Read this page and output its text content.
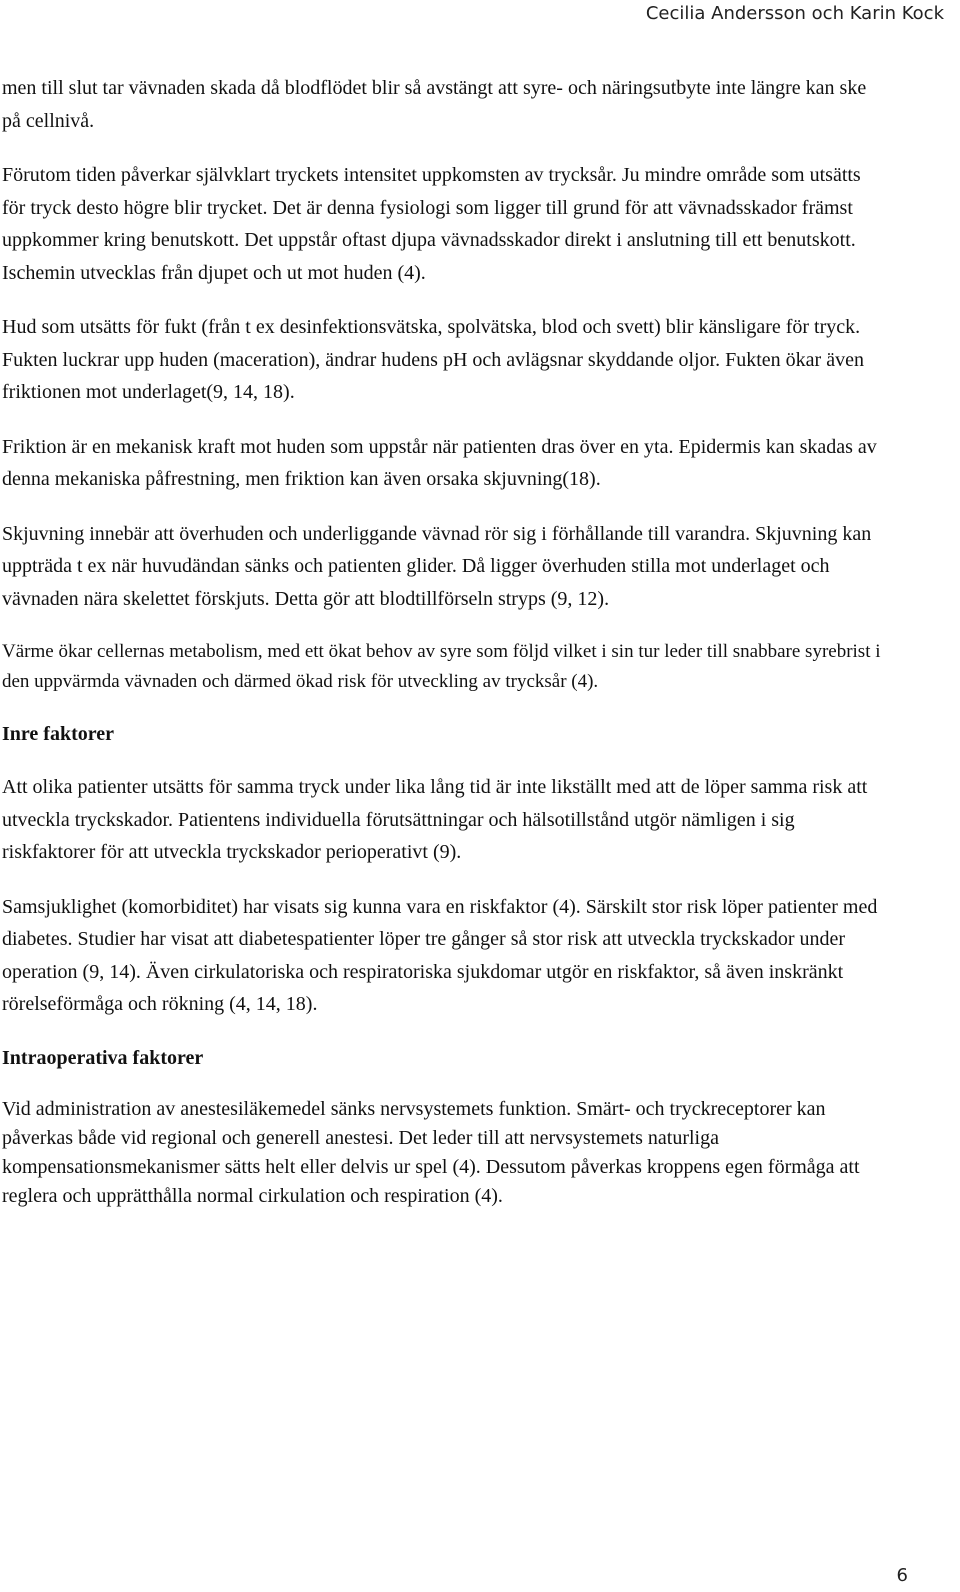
Cecilia Andersson och Karin Kock

men till slut tar vävnaden skada då blodflödet blir så avstängt att syre- och näringsutbyte inte längre kan ske på cellnivå.

Förutom tiden påverkar självklart tryckets intensitet uppkomsten av trycksår. Ju mindre område som utsätts för tryck desto högre blir trycket. Det är denna fysiologi som ligger till grund för att vävnadsskador främst uppkommer kring benutskott. Det uppstår oftast djupa vävnadsskador direkt i anslutning till ett benutskott. Ischemin utvecklas från djupet och ut mot huden (4).

Hud som utsätts för fukt (från t ex desinfektionsvätska, spolvätska, blod och svett) blir känsligare för tryck. Fukten luckrar upp huden (maceration), ändrar hudens pH och avlägsnar skyddande oljor. Fukten ökar även friktionen mot underlaget(9, 14, 18).

Friktion är en mekanisk kraft mot huden som uppstår när patienten dras över en yta. Epidermis kan skadas av denna mekaniska påfrestning, men friktion kan även orsaka skjuvning(18).

Skjuvning innebär att överhuden och underliggande vävnad rör sig i förhållande till varandra. Skjuvning kan uppträda t ex när huvudändan sänks och patienten glider. Då ligger överhuden stilla mot underlaget och vävnaden nära skelettet förskjuts. Detta gör att blodtillförseln stryps (9, 12).

Värme ökar cellernas metabolism, med ett ökat behov av syre som följd vilket i sin tur leder till snabbare syrebrist i den uppvärmda vävnaden och därmed ökad risk för utveckling av trycksår (4).

Inre faktorer

Att olika patienter utsätts för samma tryck under lika lång tid är inte likställt med att de löper samma risk att utveckla tryckskador. Patientens individuella förutsättningar och hälsotillstånd utgör nämligen i sig riskfaktorer för att utveckla tryckskador perioperativt (9).

Samsjuklighet (komorbiditet) har visats sig kunna vara en riskfaktor (4). Särskilt stor risk löper patienter med diabetes. Studier har visat att diabetespatienter löper tre gånger så stor risk att utveckla tryckskador under operation (9, 14). Även cirkulatoriska och respiratoriska sjukdomar utgör en riskfaktor, så även inskränkt rörelseförmåga och rökning (4, 14, 18).

Intraoperativa faktorer

Vid administration av anestesiläkemedel sänks nervsystemets funktion. Smärt- och tryckreceptorer kan påverkas både vid regional och generell anestesi. Det leder till att nervsystemets naturliga kompensationsmekanismer sätts helt eller delvis ur spel (4). Dessutom påverkas kroppens egen förmåga att reglera och upprätthålla normal cirkulation och respiration (4).

6
